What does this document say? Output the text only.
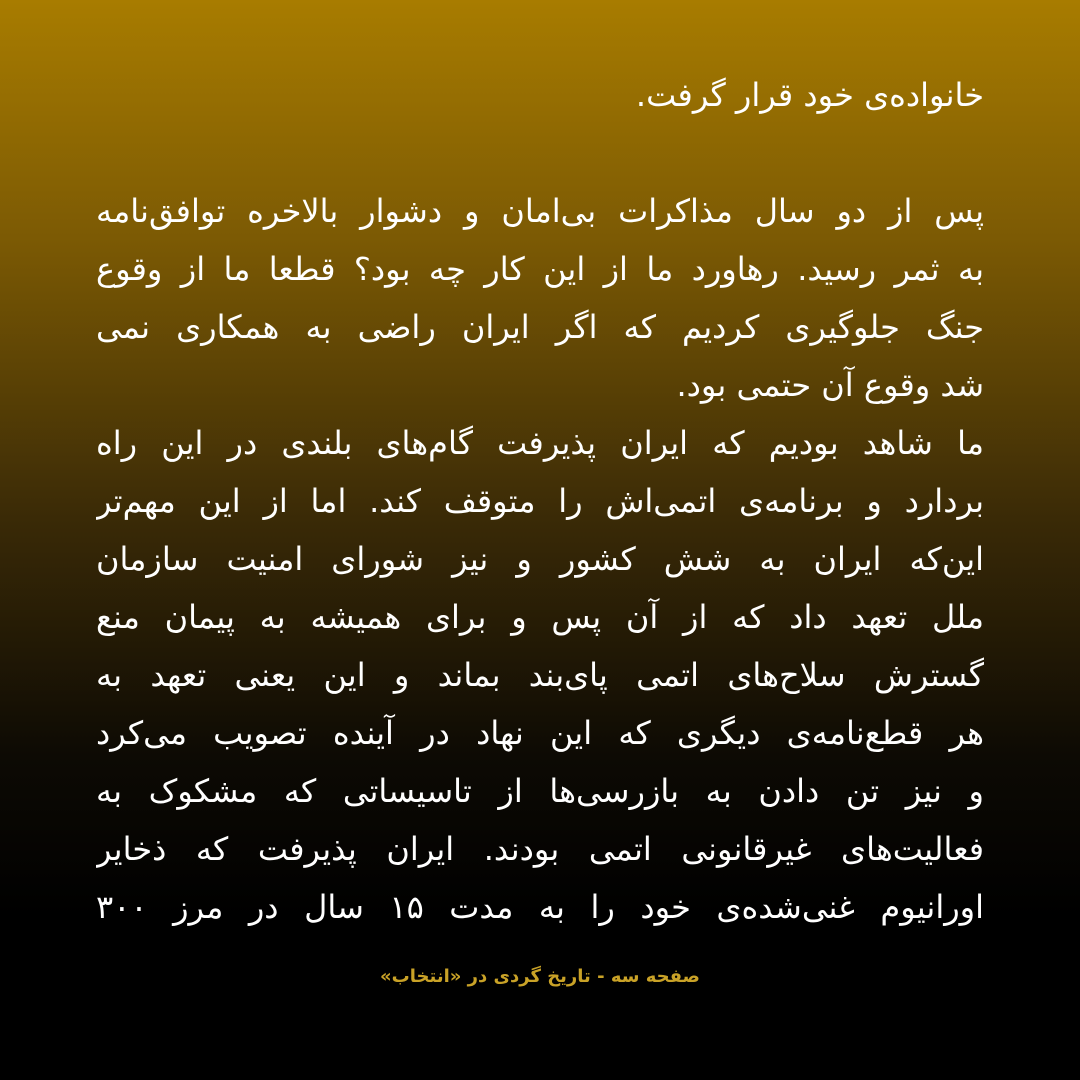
خانواده‌ی خود قرار گرفت.
پس از دو سال مذاکرات بی‌امان و دشوار بالاخره توافق‌نامه
به ثمر رسید. رهاورد ما از این کار چه بود؟ قطعا ما از وقوع
جنگ جلوگیری کردیم که اگر ایران راضی به همکاری نمی
شد وقوع آن حتمی بود.
ما شاهد بودیم که ایران پذیرفت گام‌های بلندی در این راه
بردارد و برنامه‌ی اتمی‌اش را متوقف کند. اما از این مهم‌تر
این‌که ایران به شش کشور و نیز شورای امنیت سازمان
ملل تعهد داد که از آن پس و برای همیشه به پیمان منع
گسترش سلاح‌های اتمی پای‌بند بماند و این یعنی تعهد به
هر قطع‌نامه‌ی دیگری که این نهاد در آینده تصویب می‌کرد
و نیز تن دادن به بازرسی‌ها از تاسیساتی که مشکوک به
فعالیت‌های غیرقانونی اتمی بودند. ایران پذیرفت که ذخایر
اورانیوم غنی‌شده‌ی خود را به مدت ۱۵ سال در مرز ۳۰۰
صفحه سه - تاریخ گردی در «انتخاب»
